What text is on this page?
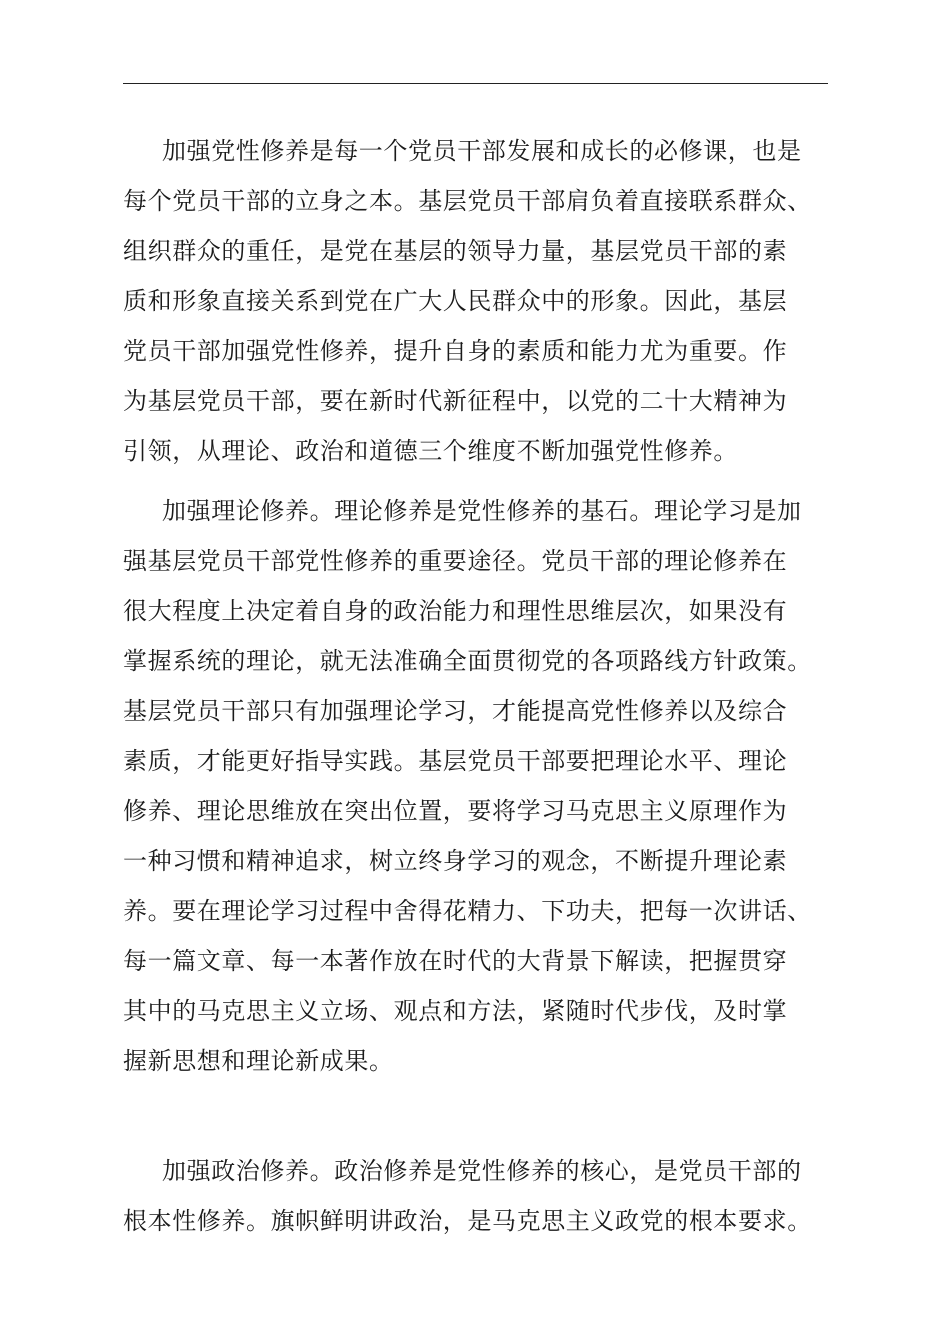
加强党性修养是每一个党员干部发展和成长的必修课，也是
每个党员干部的立身之本。基层党员干部肩负着直接联系群众、
组织群众的重任，是党在基层的领导力量，基层党员干部的素
质和形象直接关系到党在广大人民群众中的形象。因此，基层
党员干部加强党性修养，提升自身的素质和能力尤为重要。作
为基层党员干部，要在新时代新征程中，以党的二十大精神为
引领，从理论、政治和道德三个维度不断加强党性修养。
加强理论修养。理论修养是党性修养的基石。理论学习是加
强基层党员干部党性修养的重要途径。党员干部的理论修养在
很大程度上决定着自身的政治能力和理性思维层次，如果没有
掌握系统的理论，就无法准确全面贯彻党的各项路线方针政策。
基层党员干部只有加强理论学习，才能提高党性修养以及综合
素质，才能更好指导实践。基层党员干部要把理论水平、理论
修养、理论思维放在突出位置，要将学习马克思主义原理作为
一种习惯和精神追求，树立终身学习的观念，不断提升理论素
养。要在理论学习过程中舍得花精力、下功夫，把每一次讲话、
每一篇文章、每一本著作放在时代的大背景下解读，把握贯穿
其中的马克思主义立场、观点和方法，紧随时代步伐，及时掌
握新思想和理论新成果。
加强政治修养。政治修养是党性修养的核心，是党员干部的
根本性修养。旗帜鲜明讲政治，是马克思主义政党的根本要求。
